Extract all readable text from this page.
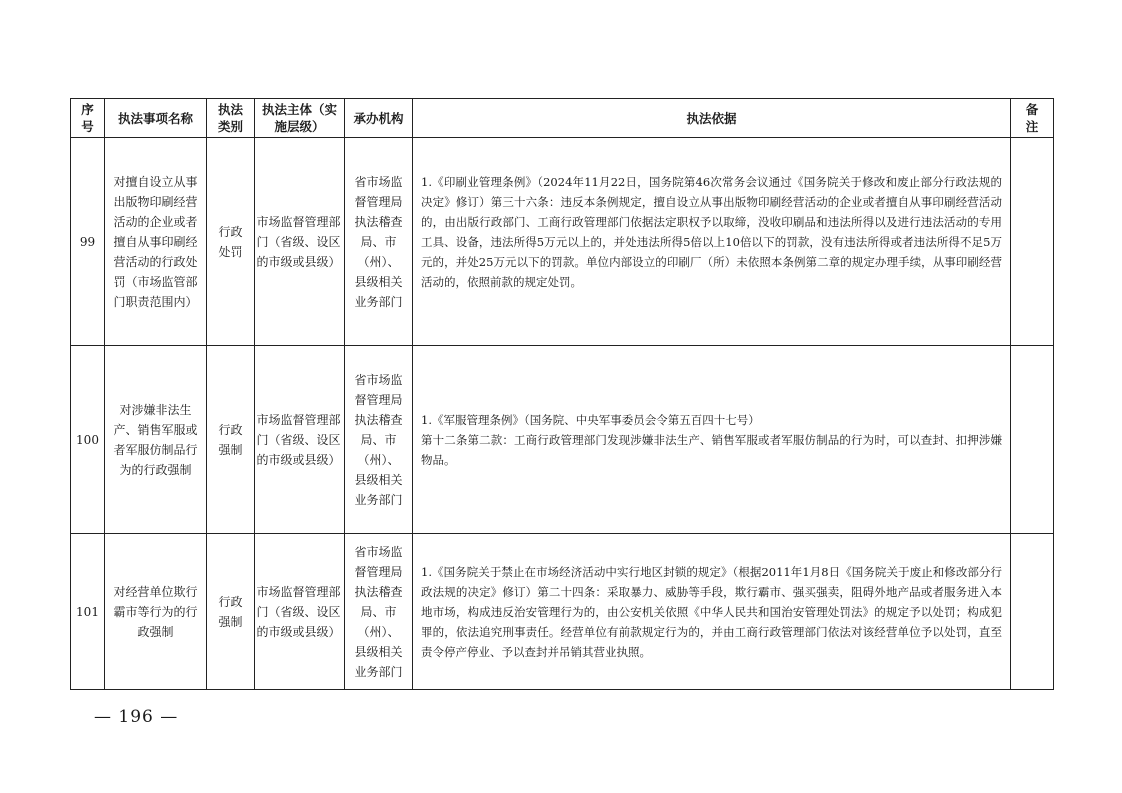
序号	执法事项名称	执法类别	执法主体（实施层级）	承办机构	执法依据	备注
99	对擅自设立从事出版物印刷经营活动的企业或者擅自从事印刷经营活动的行政处罚（市场监管部门职责范围内）	行政处罚	市场监督管理部门（省级、设区的市级或县级）	省市场监督管理局执法稽查局、市（州）、县级相关业务部门	1.《印刷业管理条例》（2024年11月22日，国务院第46次常务会议通过《国务院关于修改和废止部分行政法规的决定》修订）第三十六条：违反本条例规定，擅自设立从事出版物印刷经营活动的企业或者擅自从事印刷经营活动的，由出版行政部门、工商行政管理部门依据法定职权予以取缔，没收印刷品和违法所得以及进行违法活动的专用工具、设备，违法所得5万元以上的，并处违法所得5倍以上10倍以下的罚款，没有违法所得或者违法所得不足5万元的，并处25万元以下的罚款。单位内部设立的印刷厂（所）未依照本条例第二章的规定办理手续，从事印刷经营活动的，依照前款的规定处罚。	

100	对涉嫌非法生产、销售军服或者军服仿制品行为的行政强制	行政强制	市场监督管理部门（省级、设区的市级或县级）	省市场监督管理局执法稽查局、市（州）、县级相关业务部门	1.《军服管理条例》（国务院、中央军事委员会令第五百四十七号）
第十二条第二款：工商行政管理部门发现涉嫌非法生产、销售军服或者军服仿制品的行为时，可以查封、扣押涉嫌物品。	

101	对经营单位欺行霸市等行为的行政强制	行政强制	市场监督管理部门（省级、设区的市级或县级）	省市场监督管理局执法稽查局、市（州）、县级相关业务部门	1.《国务院关于禁止在市场经济活动中实行地区封锁的规定》（根据2011年1月8日《国务院关于废止和修改部分行政法规的决定》修订）第二十四条：采取暴力、威胁等手段，欺行霸市、强买强卖，阻碍外地产品或者服务进入本地市场，构成违反治安管理行为的，由公安机关依照《中华人民共和国治安管理处罚法》的规定予以处罚；构成犯罪的，依法追究刑事责任。经营单位有前款规定行为的，并由工商行政管理部门依法对该经营单位予以处罚，直至责令停产停业、予以查封并吊销其营业执照。	

— 196 —
